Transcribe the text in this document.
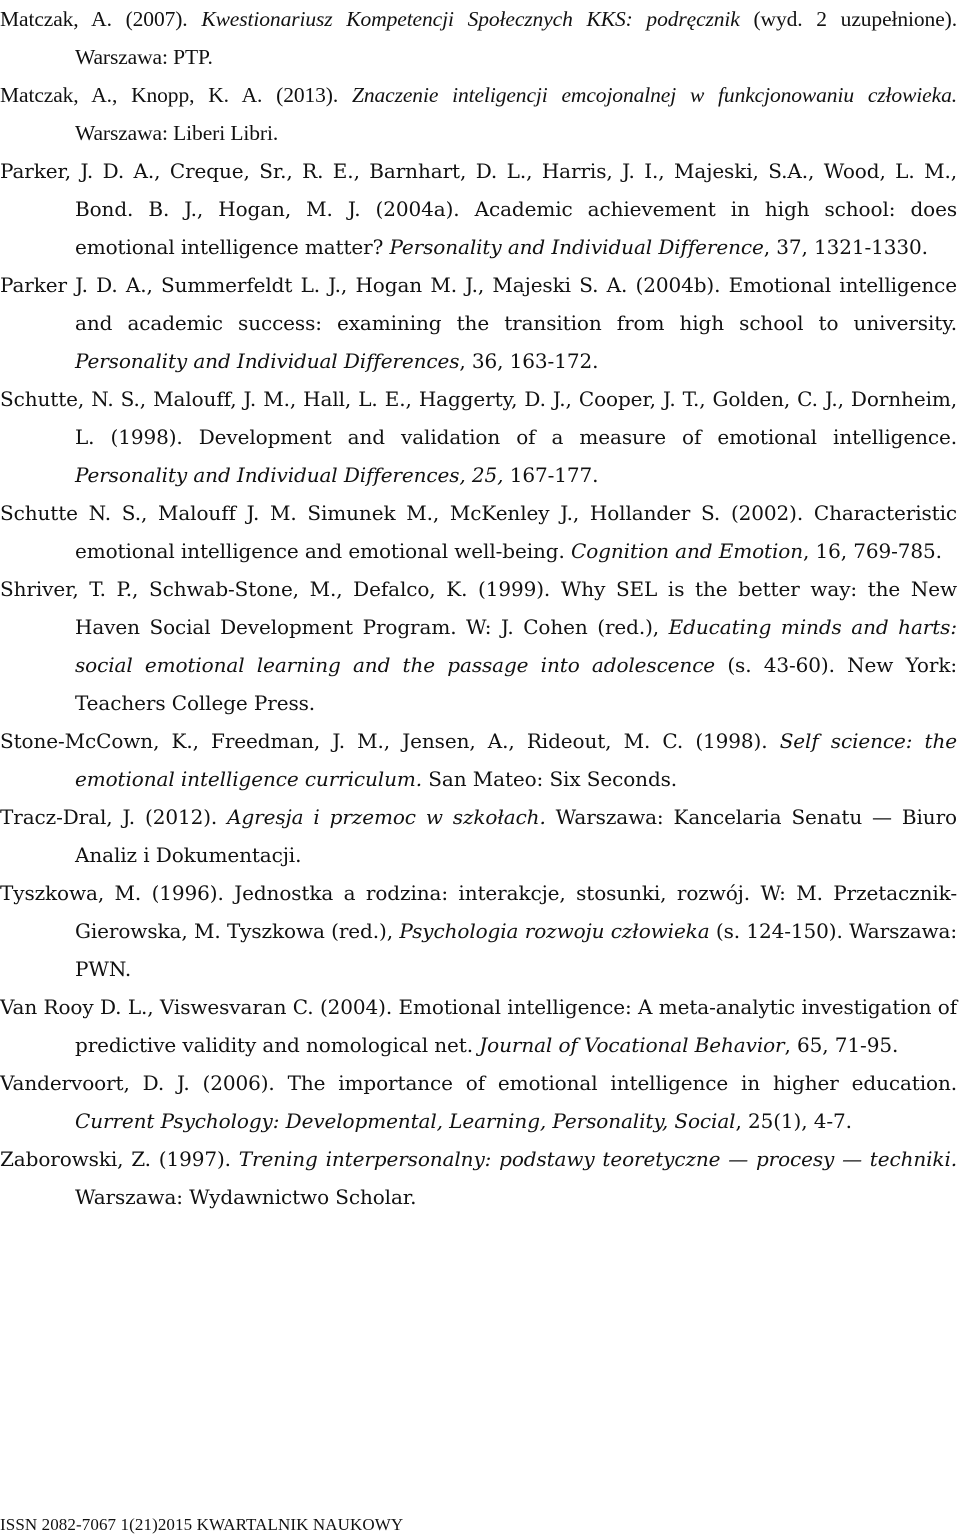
Matczak, A. (2007). Kwestionariusz Kompetencji Społecznych KKS: podręcznik (wyd. 2 uzupełnione). Warszawa: PTP.
Matczak, A., Knopp, K. A. (2013). Znaczenie inteligencji emcojonalnej w funkcjonowaniu człowieka. Warszawa: Liberi Libri.
Parker, J. D. A., Creque, Sr., R. E., Barnhart, D. L., Harris, J. I., Majeski, S.A., Wood, L. M., Bond. B. J., Hogan, M. J. (2004a). Academic achievement in high school: does emotional intelligence matter? Personality and Individual Difference, 37, 1321-1330.
Parker J. D. A., Summerfeldt L. J., Hogan M. J., Majeski S. A. (2004b). Emotional intelligence and academic success: examining the transition from high school to university. Personality and Individual Differences, 36, 163-172.
Schutte, N. S., Malouff, J. M., Hall, L. E., Haggerty, D. J., Cooper, J. T., Golden, C. J., Dornheim, L. (1998). Development and validation of a measure of emotional intelligence. Personality and Individual Differences, 25, 167-177.
Schutte N. S., Malouff J. M. Simunek M., McKenley J., Hollander S. (2002). Characteristic emotional intelligence and emotional well-being. Cognition and Emotion, 16, 769-785.
Shriver, T. P., Schwab-Stone, M., Defalco, K. (1999). Why SEL is the better way: the New Haven Social Development Program. W: J. Cohen (red.), Educating minds and harts: social emotional learning and the passage into adolescence (s. 43-60). New York: Teachers College Press.
Stone-McCown, K., Freedman, J. M., Jensen, A., Rideout, M. C. (1998). Self science: the emotional intelligence curriculum. San Mateo: Six Seconds.
Tracz-Dral, J. (2012). Agresja i przemoc w szkołach. Warszawa: Kancelaria Senatu — Biuro Analiz i Dokumentacji.
Tyszkowa, M. (1996). Jednostka a rodzina: interakcje, stosunki, rozwój. W: M. Przetacznik-Gierowska, M. Tyszkowa (red.), Psychologia rozwoju człowieka (s. 124-150). Warszawa: PWN.
Van Rooy D. L., Viswesvaran C. (2004). Emotional intelligence: A meta-analytic investigation of predictive validity and nomological net. Journal of Vocational Behavior, 65, 71-95.
Vandervoort, D. J. (2006). The importance of emotional intelligence in higher education. Current Psychology: Developmental, Learning, Personality, Social, 25(1), 4-7.
Zaborowski, Z. (1997). Trening interpersonalny: podstawy teoretyczne — procesy — techniki. Warszawa: Wydawnictwo Scholar.
ISSN 2082-7067 1(21)2015 KWARTALNIK NAUKOWY
